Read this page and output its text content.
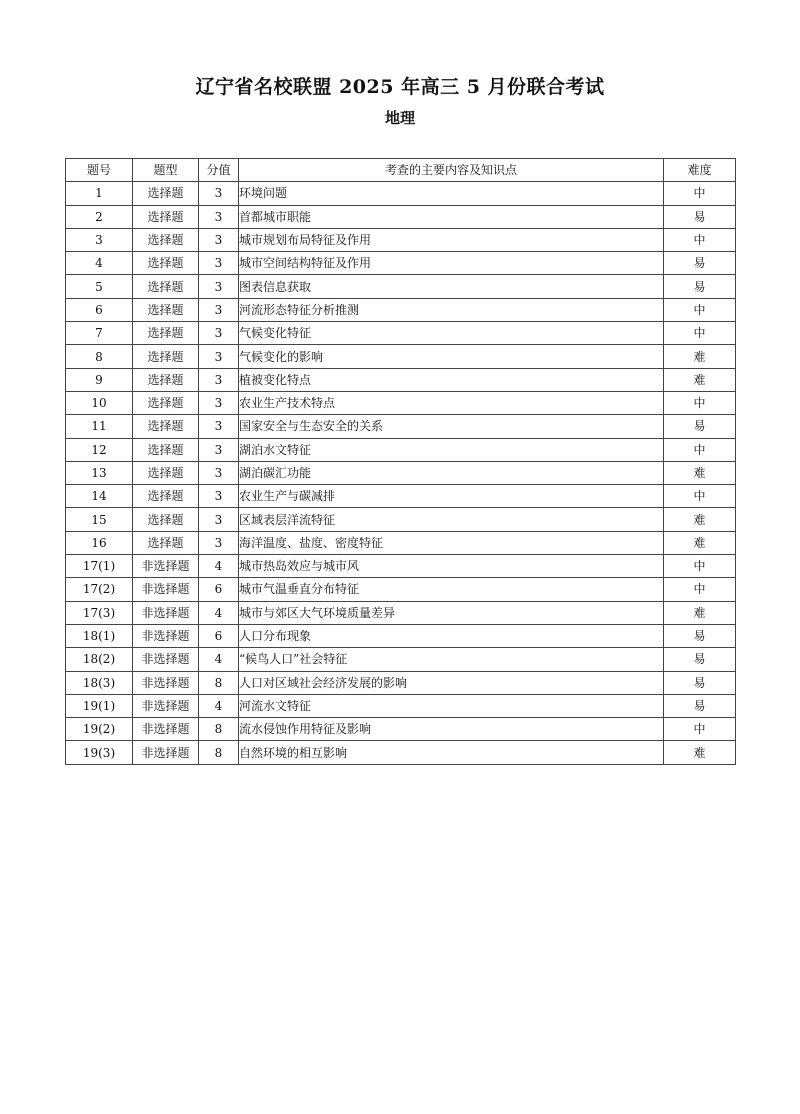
辽宁省名校联盟 2025 年高三 5 月份联合考试
地理
题号	题型	分值	考查的主要内容及知识点	难度
1	选择题	3	环境问题	中
2	选择题	3	首都城市职能	易
3	选择题	3	城市规划布局特征及作用	中
4	选择题	3	城市空间结构特征及作用	易
5	选择题	3	图表信息获取	易
6	选择题	3	河流形态特征分析推测	中
7	选择题	3	气候变化特征	中
8	选择题	3	气候变化的影响	难
9	选择题	3	植被变化特点	难
10	选择题	3	农业生产技术特点	中
11	选择题	3	国家安全与生态安全的关系	易
12	选择题	3	湖泊水文特征	中
13	选择题	3	湖泊碳汇功能	难
14	选择题	3	农业生产与碳减排	中
15	选择题	3	区域表层洋流特征	难
16	选择题	3	海洋温度、盐度、密度特征	难
17(1)	非选择题	4	城市热岛效应与城市风	中
17(2)	非选择题	6	城市气温垂直分布特征	中
17(3)	非选择题	4	城市与郊区大气环境质量差异	难
18(1)	非选择题	6	人口分布现象	易
18(2)	非选择题	4	“候鸟人口”社会特征	易
18(3)	非选择题	8	人口对区域社会经济发展的影响	易
19(1)	非选择题	4	河流水文特征	易
19(2)	非选择题	8	流水侵蚀作用特征及影响	中
19(3)	非选择题	8	自然环境的相互影响	难
